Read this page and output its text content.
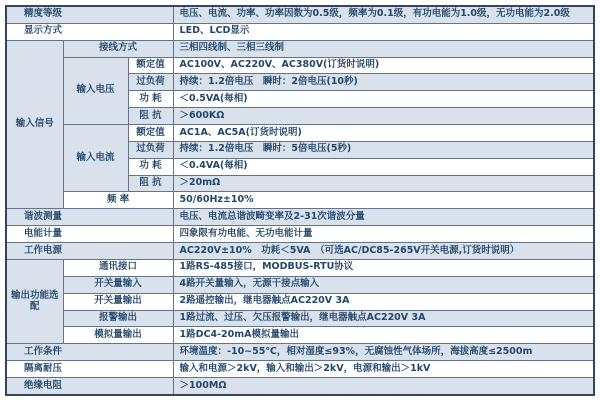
精度等级			电压、电流、功率、功率因数为0.5级，频率为0.1级，有功电能为1.0级，无功电能为2.0级
显示方式			LED、LCD显示
输入信号	接线方式		三相四线制、三相三线制
	输入电压	额定值	AC100V、AC220V、AC380V(订货时说明)
		过负荷	持续：1.2倍电压　瞬时：2倍电压(10秒)
		功 耗	＜0.5VA(每相)
		阻 抗	＞600KΩ
	输入电流	额定值	AC1A、AC5A(订货时说明)
		过负荷	持续：1.2倍电压　瞬时：5倍电压(5秒)
		功 耗	＜0.4VA(每相)
		阻 抗	＞20mΩ
	频 率		50/60Hz±10%
谐波测量			电压、电流总谐波畸变率及2-31次谐波分量
电能计量			四象限有功电能、无功电能计量
工作电源			AC220V±10%　功耗＜5VA　（可选AC/DC85-265V开关电源,订货时说明）
输出功能选配	通讯接口		1路RS-485接口，MODBUS-RTU协议
	开关量输入		4路开关量输入，无源干接点输入
	开关量输出		2路遥控输出，继电器触点AC220V 3A
	报警输出		1路过流、过压、欠压报警输出，继电器触点AC220V 3A
	模拟量输出		1路DC4-20mA模拟量输出
工作条件			环境温度：-10~55℃，相对湿度≤93%，无腐蚀性气体场所，海拔高度≤2500m
隔离耐压			输入和电源＞2kV，输入和输出＞2kV，电源和输出＞1kV
绝缘电阻			＞100MΩ
